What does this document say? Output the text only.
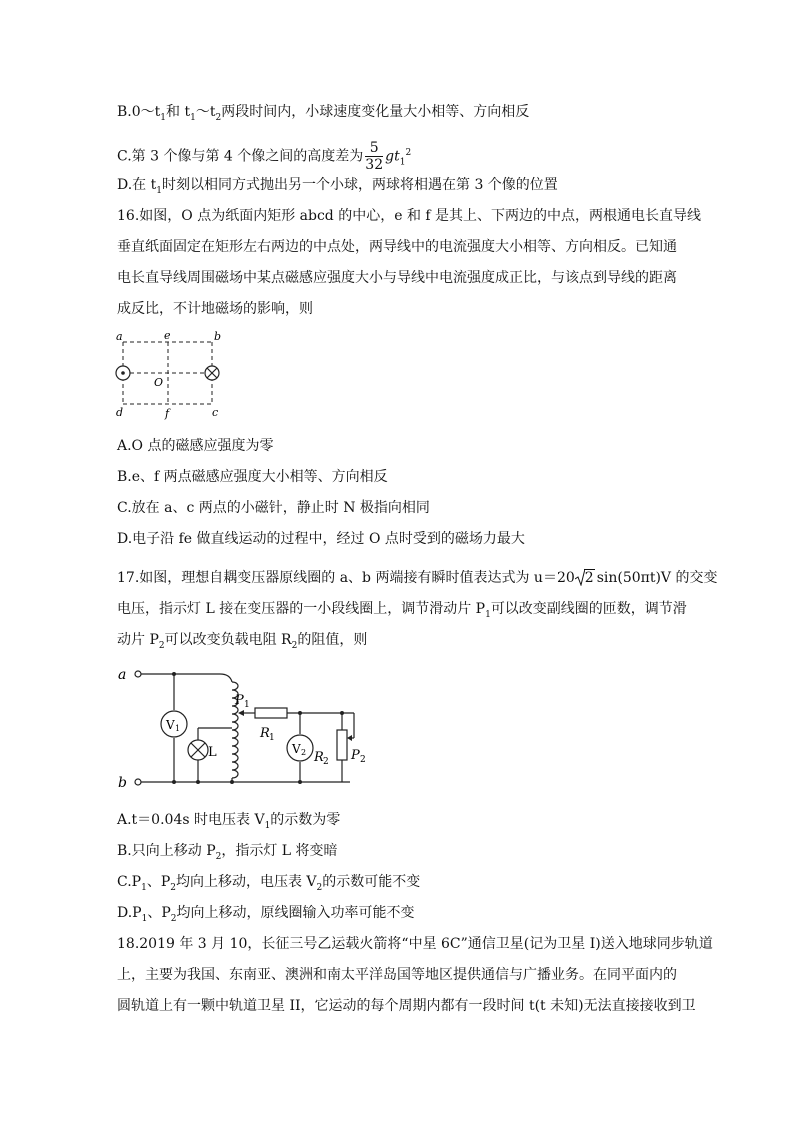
$B.0\sim t_1$和 $t_1\sim t_2$两段时间内，小球速度变化量大小相等、方向相反
C.第 3 个像与第 4 个像之间的高度差为 $\frac{5}{32} gt_1^2$
D.在 $t_1$时刻以相同方式抛出另一个小球，两球将相遇在第 3 个像的位置
16.如图，O 点为纸面内矩形 abcd 的中心，e 和 f 是其上、下两边的中点，两根通电长直导线
垂直纸面固定在矩形左右两边的中点处，两导线中的电流强度大小相等、方向相反。已知通
电长直导线周围磁场中某点磁感应强度大小与导线中电流强度成正比，与该点到导线的距离
成反比，不计地磁场的影响，则
a	e	b
d	f	c
O
A.O 点的磁感应强度为零
B.e、f 两点磁感应强度大小相等、方向相反
C.放在 a、c 两点的小磁针，静止时 N 极指向相同
D.电子沿 fe 做直线运动的过程中，经过 O 点时受到的磁场力最大
17.如图，理想自耦变压器原线圈的 a、b 两端接有瞬时值表达式为 u＝20 2 sin(50πt)V 的交变
电压，指示灯 L 接在变压器的一小段线圈上，调节滑动片 $P_1$可以改变副线圈的匝数，调节滑
动片 $P_2$可以改变负载电阻 $R_2$的阻值，则
V 1
V 2
a
b
L
P 1
R 1
R 2 P 2
A.t＝0.04s 时电压表 $V_1$的示数为零
B.只向上移动 $P_2$，指示灯 L 将变暗
$C.P_1$、$P_2$均向上移动，电压表 $V_2$的示数可能不变
$D.P_1$、$P_2$均向上移动，原线圈输入功率可能不变
18.2019 年 3 月 10，长征三号乙运载火箭将“中星 6C”通信卫星(记为卫星 I)送入地球同步轨道
上，主要为我国、东南亚、澳洲和南太平洋岛国等地区提供通信与广播业务。在同平面内的
圆轨道上有一颗中轨道卫星 II，它运动的每个周期内都有一段时间 t(t 未知)无法直接接收到卫
